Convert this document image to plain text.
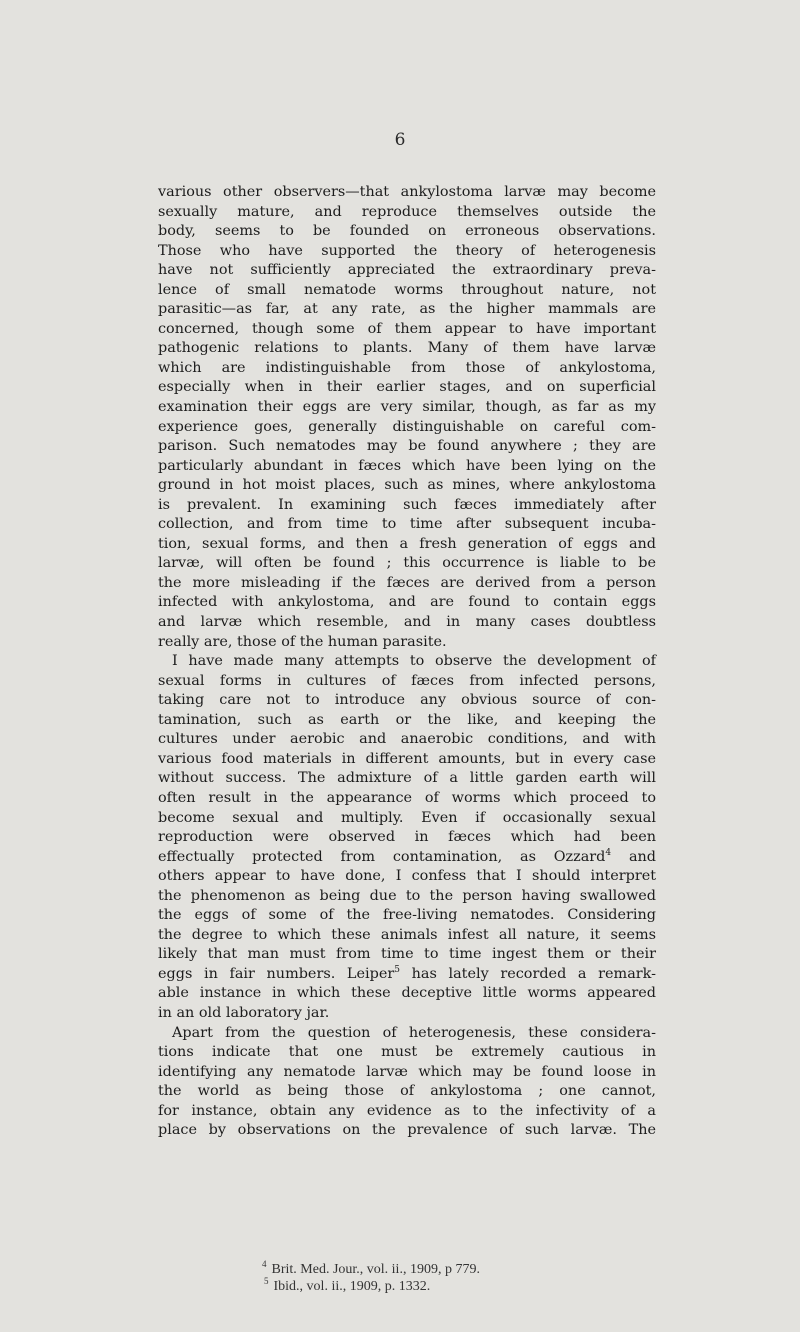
6
various other observers—that ankylostoma larvæ may become
sexually mature, and reproduce themselves outside the
body, seems to be founded on erroneous observations.
Those who have supported the theory of heterogenesis
have not sufficiently appreciated the extraordinary preva-
lence of small nematode worms throughout nature, not
parasitic—as far, at any rate, as the higher mammals are
concerned, though some of them appear to have important
pathogenic relations to plants. Many of them have larvæ
which are indistinguishable from those of ankylostoma,
especially when in their earlier stages, and on superficial
examination their eggs are very similar, though, as far as my
experience goes, generally distinguishable on careful com-
parison. Such nematodes may be found anywhere ; they are
particularly abundant in fæces which have been lying on the
ground in hot moist places, such as mines, where ankylostoma
is prevalent. In examining such fæces immediately after
collection, and from time to time after subsequent incuba-
tion, sexual forms, and then a fresh generation of eggs and
larvæ, will often be found ; this occurrence is liable to be
the more misleading if the fæces are derived from a person
infected with ankylostoma, and are found to contain eggs
and larvæ which resemble, and in many cases doubtless
really are, those of the human parasite.
I have made many attempts to observe the development of
sexual forms in cultures of fæces from infected persons,
taking care not to introduce any obvious source of con-
tamination, such as earth or the like, and keeping the
cultures under aerobic and anaerobic conditions, and with
various food materials in different amounts, but in every case
without success. The admixture of a little garden earth will
often result in the appearance of worms which proceed to
become sexual and multiply. Even if occasionally sexual
reproduction were observed in fæces which had been
effectually protected from contamination, as Ozzard$^4$ and
others appear to have done, I confess that I should interpret
the phenomenon as being due to the person having swallowed
the eggs of some of the free-living nematodes. Considering
the degree to which these animals infest all nature, it seems
likely that man must from time to time ingest them or their
eggs in fair numbers. Leiper$^5$ has lately recorded a remark-
able instance in which these deceptive little worms appeared
in an old laboratory jar.
Apart from the question of heterogenesis, these considera-
tions indicate that one must be extremely cautious in
identifying any nematode larvæ which may be found loose in
the world as being those of ankylostoma ; one cannot,
for instance, obtain any evidence as to the infectivity of a
place by observations on the prevalence of such larvæ. The
$^4$ Brit. Med. Jour., vol. ii., 1909, p 779.
$^5$ Ibid., vol. ii., 1909, p. 1332.
